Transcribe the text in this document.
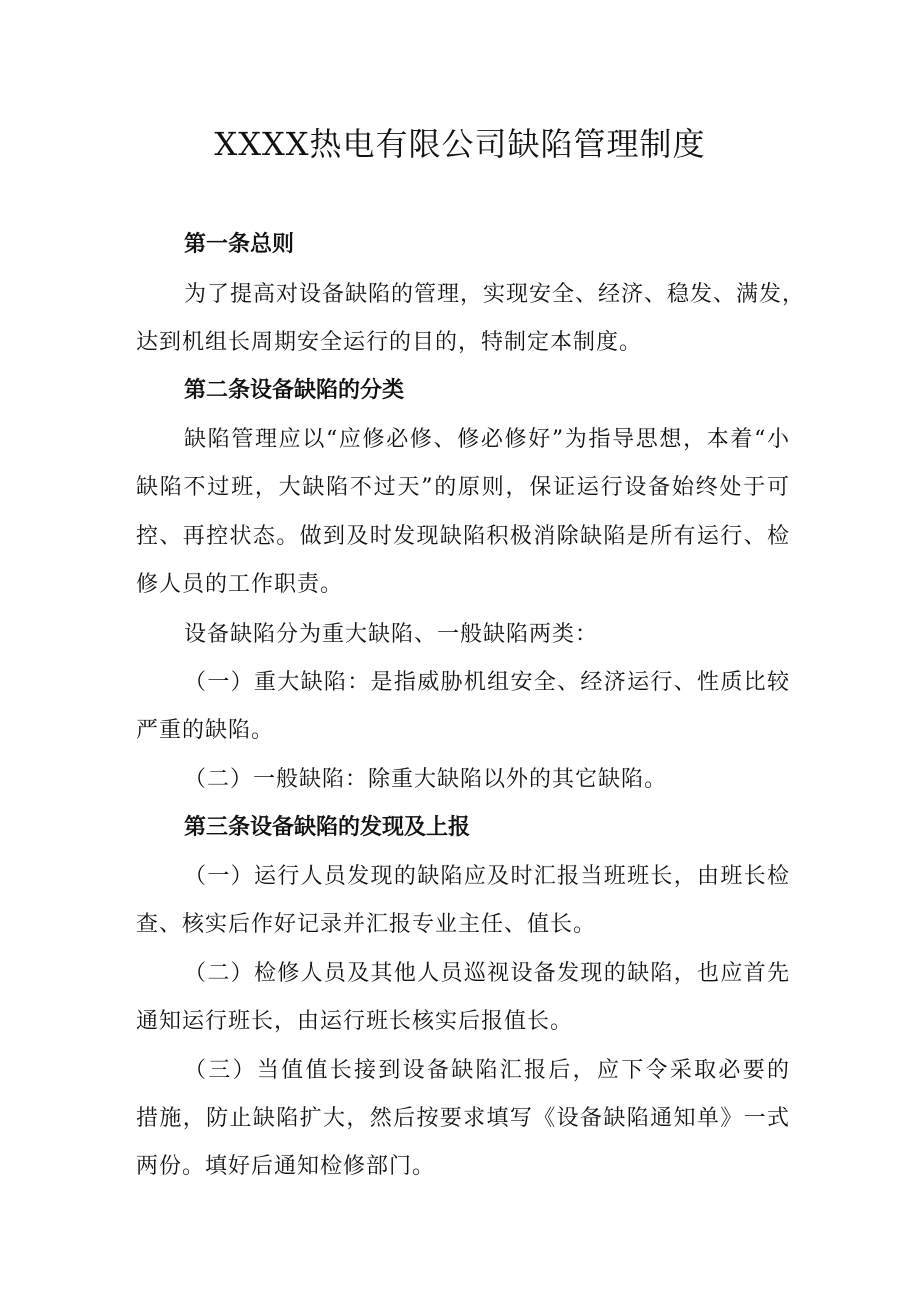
XXXX热电有限公司缺陷管理制度
第一条总则
为了提高对设备缺陷的管理，实现安全、经济、稳发、满发，
达到机组长周期安全运行的目的，特制定本制度。
第二条设备缺陷的分类
缺陷管理应以“应修必修、修必修好”为指导思想，本着“小
缺陷不过班，大缺陷不过天”的原则，保证运行设备始终处于可
控、再控状态。做到及时发现缺陷积极消除缺陷是所有运行、检
修人员的工作职责。
设备缺陷分为重大缺陷、一般缺陷两类：
（一）重大缺陷：是指威胁机组安全、经济运行、性质比较
严重的缺陷。
（二）一般缺陷：除重大缺陷以外的其它缺陷。
第三条设备缺陷的发现及上报
（一）运行人员发现的缺陷应及时汇报当班班长，由班长检
查、核实后作好记录并汇报专业主任、值长。
（二）检修人员及其他人员巡视设备发现的缺陷，也应首先
通知运行班长，由运行班长核实后报值长。
（三）当值值长接到设备缺陷汇报后，应下令采取必要的
措施，防止缺陷扩大，然后按要求填写《设备缺陷通知单》一式
两份。填好后通知检修部门。
